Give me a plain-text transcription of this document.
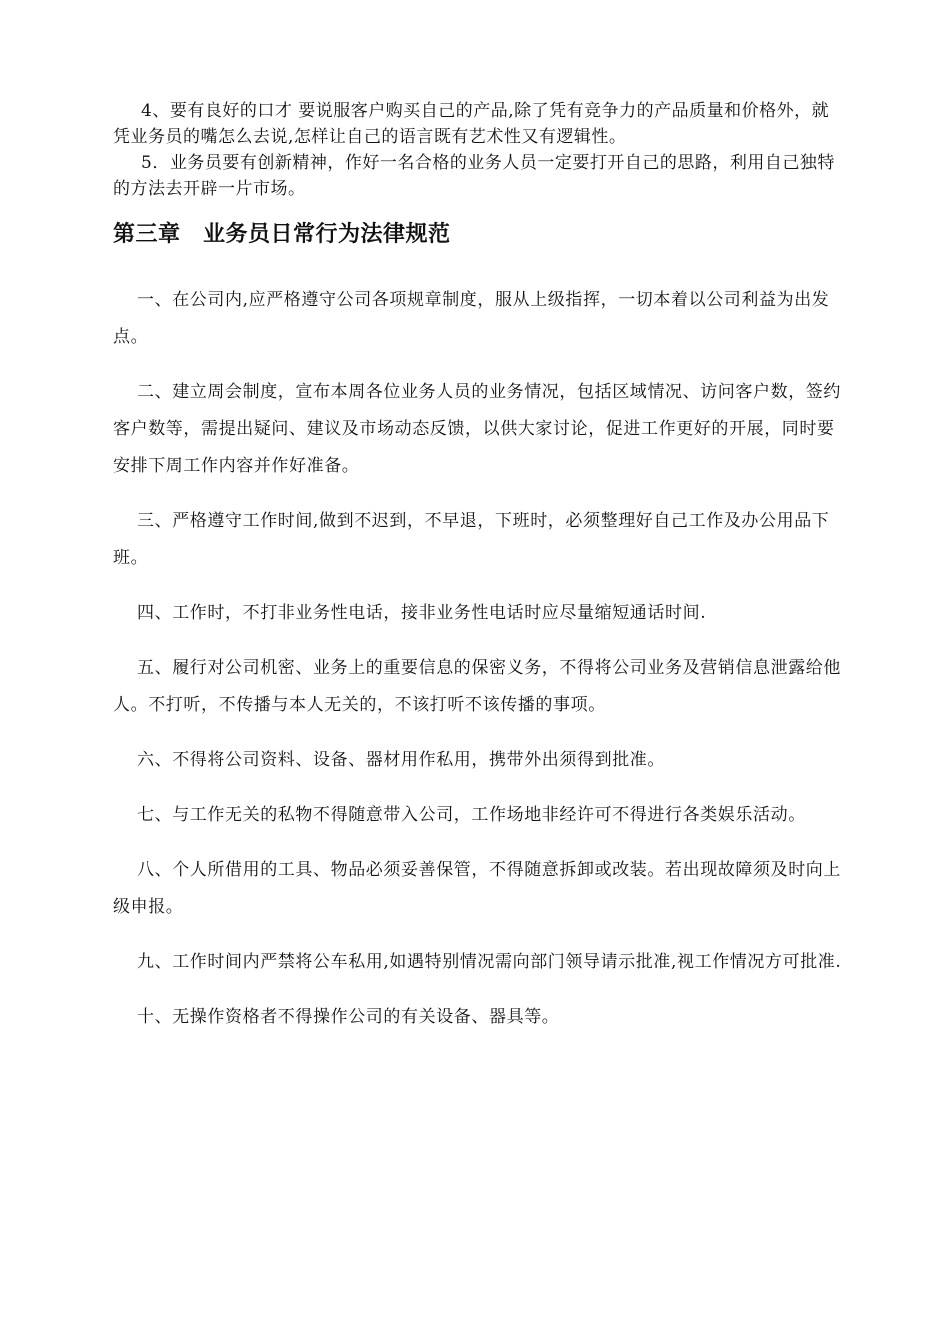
4、要有良好的口才 要说服客户购买自己的产品,除了凭有竞争力的产品质量和价格外，就凭业务员的嘴怎么去说,怎样让自己的语言既有艺术性又有逻辑性。

5．业务员要有创新精神，作好一名合格的业务人员一定要打开自己的思路，利用自己独特的方法去开辟一片市场。

第三章　业务员日常行为法律规范

一、在公司内,应严格遵守公司各项规章制度，服从上级指挥，一切本着以公司利益为出发点。

二、建立周会制度，宣布本周各位业务人员的业务情况，包括区域情况、访问客户数，签约客户数等，需提出疑问、建议及市场动态反馈，以供大家讨论，促进工作更好的开展，同时要安排下周工作内容并作好准备。

三、严格遵守工作时间,做到不迟到，不早退，下班时，必须整理好自己工作及办公用品下班。

四、工作时，不打非业务性电话，接非业务性电话时应尽量缩短通话时间.

五、履行对公司机密、业务上的重要信息的保密义务，不得将公司业务及营销信息泄露给他人。不打听，不传播与本人无关的，不该打听不该传播的事项。

六、不得将公司资料、设备、器材用作私用，携带外出须得到批准。

七、与工作无关的私物不得随意带入公司，工作场地非经许可不得进行各类娱乐活动。

八、个人所借用的工具、物品必须妥善保管，不得随意拆卸或改装。若出现故障须及时向上级申报。

九、工作时间内严禁将公车私用,如遇特别情况需向部门领导请示批准,视工作情况方可批准.

十、无操作资格者不得操作公司的有关设备、器具等。
